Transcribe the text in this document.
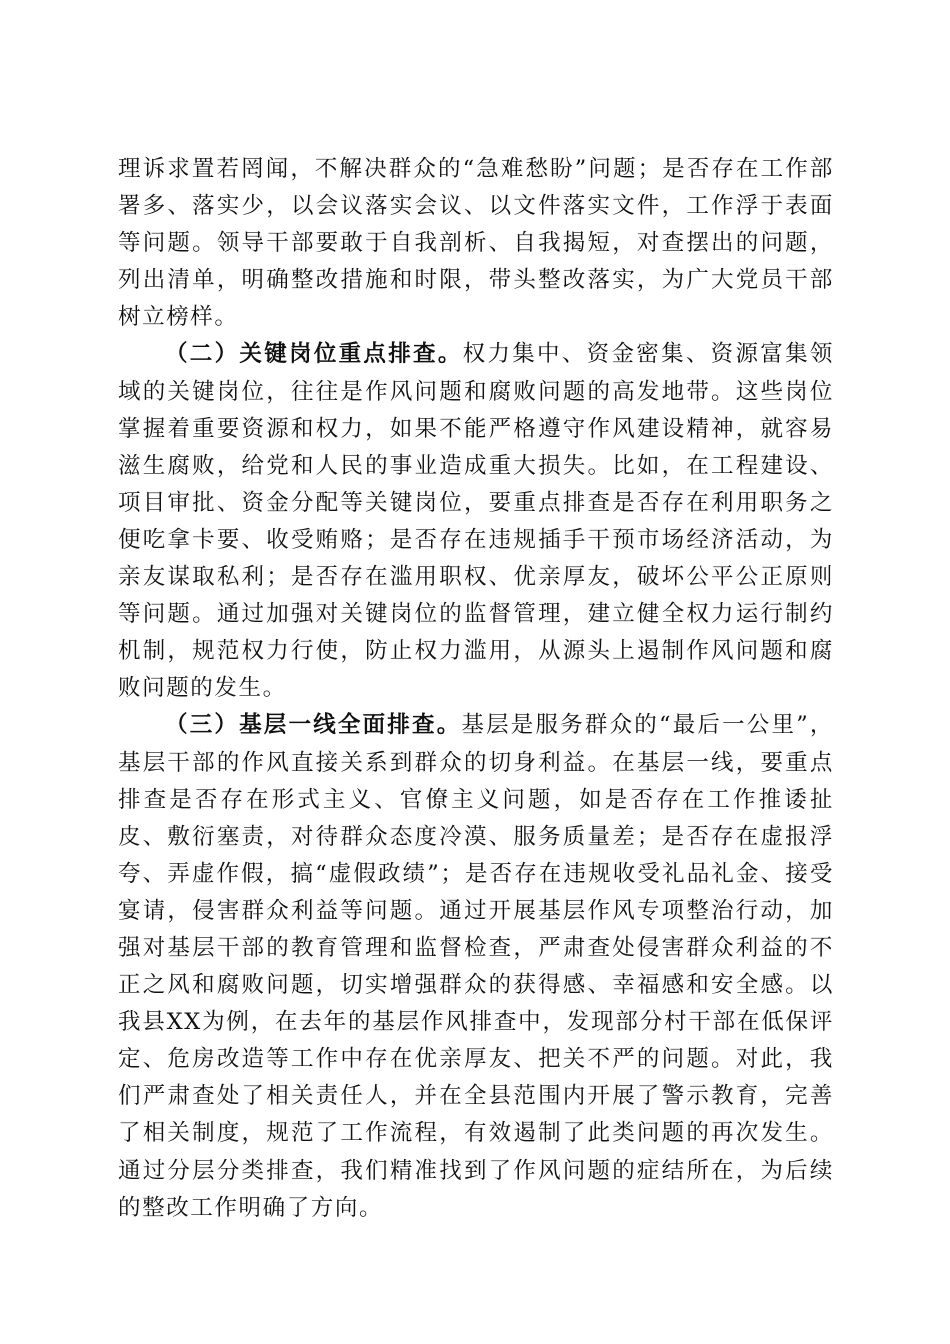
理诉求置若罔闻，不解决群众的“急难愁盼”问题；是否存在工作部署多、落实少，以会议落实会议、以文件落实文件，工作浮于表面等问题。领导干部要敢于自我剖析、自我揭短，对查摆出的问题，列出清单，明确整改措施和时限，带头整改落实，为广大党员干部树立榜样。

（二）关键岗位重点排查。权力集中、资金密集、资源富集领域的关键岗位，往往是作风问题和腐败问题的高发地带。这些岗位掌握着重要资源和权力，如果不能严格遵守作风建设精神，就容易滋生腐败，给党和人民的事业造成重大损失。比如，在工程建设、项目审批、资金分配等关键岗位，要重点排查是否存在利用职务之便吃拿卡要、收受贿赂；是否存在违规插手干预市场经济活动，为亲友谋取私利；是否存在滥用职权、优亲厚友，破坏公平公正原则等问题。通过加强对关键岗位的监督管理，建立健全权力运行制约机制，规范权力行使，防止权力滥用，从源头上遏制作风问题和腐败问题的发生。

（三）基层一线全面排查。基层是服务群众的“最后一公里”，基层干部的作风直接关系到群众的切身利益。在基层一线，要重点排查是否存在形式主义、官僚主义问题，如是否存在工作推诿扯皮、敷衍塞责，对待群众态度冷漠、服务质量差；是否存在虚报浮夸、弄虚作假，搞“虚假政绩”；是否存在违规收受礼品礼金、接受宴请，侵害群众利益等问题。通过开展基层作风专项整治行动，加强对基层干部的教育管理和监督检查，严肃查处侵害群众利益的不正之风和腐败问题，切实增强群众的获得感、幸福感和安全感。以我县XX为例，在去年的基层作风排查中，发现部分村干部在低保评定、危房改造等工作中存在优亲厚友、把关不严的问题。对此，我们严肃查处了相关责任人，并在全县范围内开展了警示教育，完善了相关制度，规范了工作流程，有效遏制了此类问题的再次发生。通过分层分类排查，我们精准找到了作风问题的症结所在，为后续的整改工作明确了方向。
